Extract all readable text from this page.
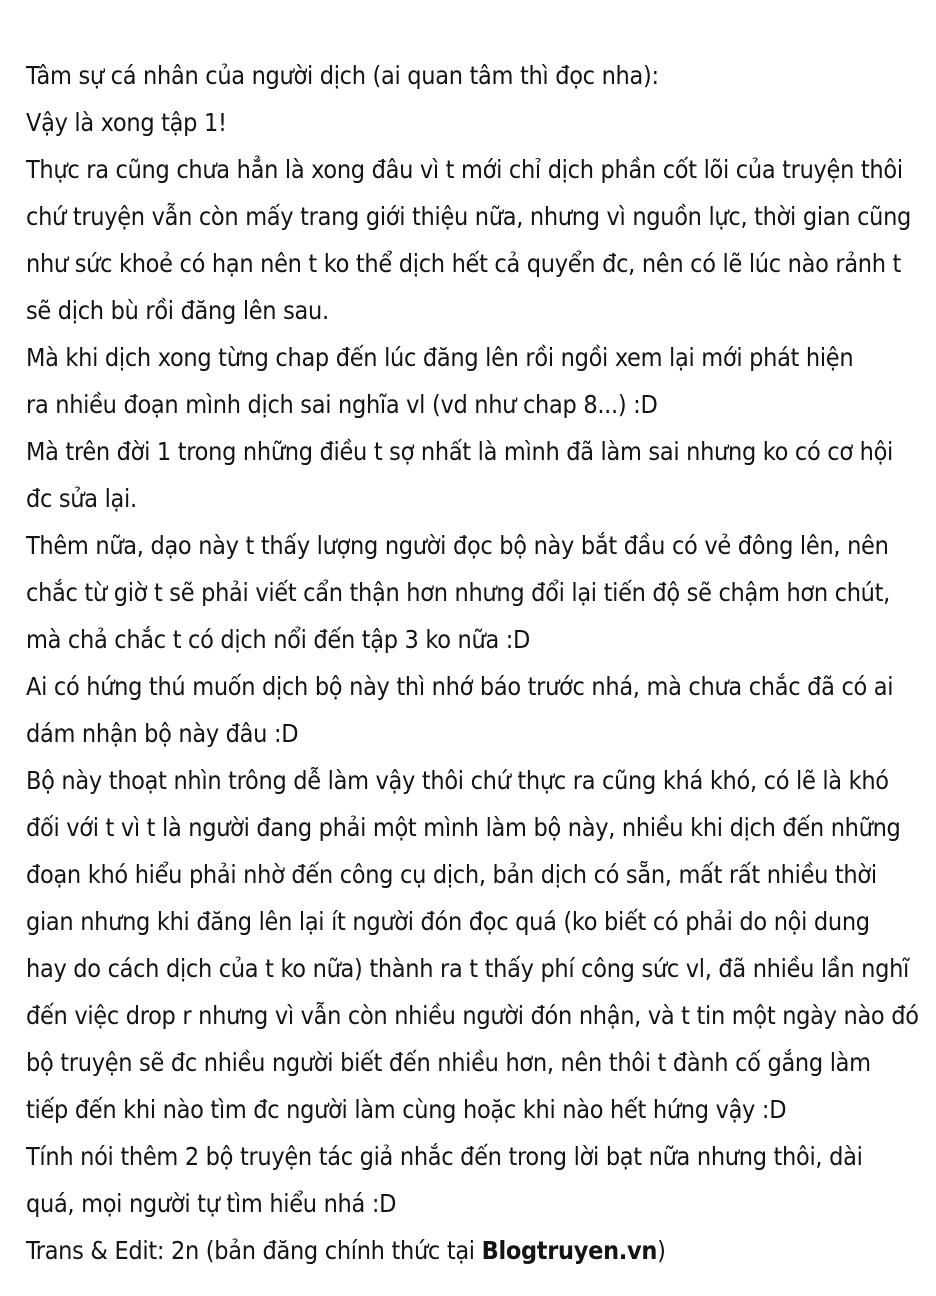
Tâm sự cá nhân của người dịch (ai quan tâm thì đọc nha):
Vậy là xong tập 1!
Thực ra cũng chưa hẳn là xong đâu vì t mới chỉ dịch phần cốt lõi của truyện thôi
chứ truyện vẫn còn mấy trang giới thiệu nữa, nhưng vì nguồn lực, thời gian cũng
như sức khoẻ có hạn nên t ko thể dịch hết cả quyển đc, nên có lẽ lúc nào rảnh t
sẽ dịch bù rồi đăng lên sau.
Mà khi dịch xong từng chap đến lúc đăng lên rồi ngồi xem lại mới phát hiện
ra nhiều đoạn mình dịch sai nghĩa vl (vd như chap 8...) :D
Mà trên đời 1 trong những điều t sợ nhất là mình đã làm sai nhưng ko có cơ hội
đc sửa lại.
Thêm nữa, dạo này t thấy lượng người đọc bộ này bắt đầu có vẻ đông lên, nên
chắc từ giờ t sẽ phải viết cẩn thận hơn nhưng đổi lại tiến độ sẽ chậm hơn chút,
mà chả chắc t có dịch nổi đến tập 3 ko nữa :D
Ai có hứng thú muốn dịch bộ này thì nhớ báo trước nhá, mà chưa chắc đã có ai
dám nhận bộ này đâu :D
Bộ này thoạt nhìn trông dễ làm vậy thôi chứ thực ra cũng khá khó, có lẽ là khó
đối với t vì t là người đang phải một mình làm bộ này, nhiều khi dịch đến những
đoạn khó hiểu phải nhờ đến công cụ dịch, bản dịch có sẵn, mất rất nhiều thời
gian nhưng khi đăng lên lại ít người đón đọc quá (ko biết có phải do nội dung
hay do cách dịch của t ko nữa) thành ra t thấy phí công sức vl, đã nhiều lần nghĩ
đến việc drop r nhưng vì vẫn còn nhiều người đón nhận, và t tin một ngày nào đó
bộ truyện sẽ đc nhiều người biết đến nhiều hơn, nên thôi t đành cố gắng làm
tiếp đến khi nào tìm đc người làm cùng hoặc khi nào hết hứng vậy :D
Tính nói thêm 2 bộ truyện tác giả nhắc đến trong lời bạt nữa nhưng thôi, dài
quá, mọi người tự tìm hiểu nhá :D
Trans & Edit: 2n (bản đăng chính thức tại Blogtruyen.vn)
